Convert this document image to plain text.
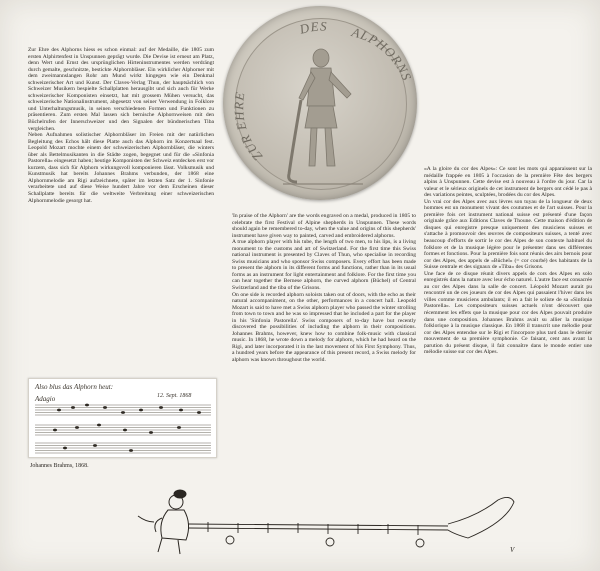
ZUR EHRE
DES ALPHORNS

Zur Ehre des Alphorns hiess es schon einmal: auf der Medaille, die 1805 zum ersten Alphirtenfest in Unspunnen geprägt wurde. Die Devise ist erneut am Platz, denn Wert und Ernst des ursprünglichen Hirteninstrumentes werden verdrängt durch gemalte, geschnitzte, bestickte Alphornbläser. Ein wirklicher Alphorner mit dem zweimannslangen Rohr am Mund wirkt hingegen wie ein Denkmal schweizerischer Art und Kunst. Der Claves-Verlag Thun, der hauptsächlich von Schweizer Musikern bespielte Schallplatten herausgibt und sich auch für Werke schweizerischer Komponisten einsetzt, hat mit grossem Mühen versucht, das schweizerische Nationalinstrument, abgesetzt von seiner Verwendung in Folklore und Unterhaltungsmusik, in seinen verschiedenen Formen und Funktionen zu präsentieren. Zum ersten Mal lassen sich bernische Alphornweisen mit den Büchelrufen der Innerschweizer und den Signalen der bündnerischen Tiba vergleichen.

Neben Aufnahmen solistischer Alphornbläser im Freien mit der natürlichen Begleitung des Echos hält diese Platte auch das Alphorn im Konzertsaal fest. Leopold Mozart mochte einem der schweizerischen Alphornbläser, die winters über als Bettelmusikanten in die Städte zogen, begegnet und für die «Sinfonia Pastorella» eingesetzt haben; heutige Komponisten der Schweiz entdecken erst vor kurzem, dass sich für Alphorn wirkungsvoll komponieren lässt. Volksmusik und Kunstmusik hat bereits Johannes Brahms verbunden, der 1868 eine Alphornmelodie am Rigi aufzeichnete, später im letzten Satz der 1. Sinfonie verarbeitete und auf diese Weise hundert Jahre vor dem Erscheinen dieser Schallplatte bereits für die weltweite Verbreitung einer schweizerischen Alphornmelodie gesorgt hat.

Also blus das Alphorn heut:
Adagio	12. Sept. 1868
Johannes Brahms, 1868.

'In praise of the Alphorn' are the words engraved on a medal, produced in 1805 to celebrate the first Festival of Alpine shepherds in Unspunnen. These words should again be remembered to-day, when the value and origins of this shepherds' instrument have given way to painted, carved and embroidered alphorns.

A true alphorn player with his tube, the length of two men, to his lips, is a living monument to the customs and art of Switzerland. For the first time this Swiss national instrument is presented by Claves of Thun, who specialise in recording Swiss musicians and who sponsor Swiss composers. Every effort has been made to present the alphorn in its different forms and functions, rather than in its usual forms as an instrument for light entertainment and folklore. For the first time you can hear together the Bernese alphorn, the curved alphorn (Büchel) of Central Switzerland and the tiba of the Grisons.

On one side is recorded alphorn soloists taken out of doors, with the echo as their natural accompaniment, on the other, performances in a concert hall. Leopold Mozart is said to have met a Swiss alphorn player who passed the winter strolling from town to town and he was so impressed that he included a part for the player in his 'Sinfonia Pastorella'. Swiss composers of to-day have but recently discovered the possibilities of including the alphorn in their compositions. Johannes Brahms, however, knew how to combine folk-music with classical music. In 1868, he wrote down a melody for alphorn, which he had heard on the Rigi, and later incorporated it in the last movement of his First Symphony. Thus, a hundred years before the appearance of this present record, a Swiss melody for alphorn was known throughout the world.

«A la gloire du cor des Alpes»: Ce sont les mots qui apparaissent sur la médaille frappée en 1805 à l'occasion de la première Fête des bergers alpins à Unspunnen. Cette devise est à nouveau à l'ordre du jour. Car la valeur et le sérieux originels de cet instrument de bergers ont cédé le pas à des variations peintes, sculptées, brodées du cor des Alpes.

Un vrai cor des Alpes avec aux lèvres son tuyau de la longueur de deux hommes est un monument vivant des coutumes et de l'art suisses. Pour la première fois cet instrument national suisse est présenté d'une façon originale grâce aux Editions Claves de Thoune. Cette maison d'édition de disques qui enregistre presque uniquement des musiciens suisses et s'attache à promouvoir des œuvres de compositeurs suisses, a tenté avec beaucoup d'efforts de sortir le cor des Alpes de son contexte habituel du folklore et de la musique légère pour le présenter dans ses différentes formes et fonctions. Pour la première fois sont réunis des airs bernois pour cor des Alpes, des appels de «Büchel» (= cor courbé) des habitants de la Suisse centrale et des signaux de «Tiba» des Grisons.

Une face de ce disque réunit divers appels de cors des Alpes en solo enregistrés dans la nature avec leur écho naturel. L'autre face est consacrée au cor des Alpes dans la salle de concert. Léopold Mozart aurait pu rencontré un de ces joueurs de cor des Alpes qui passaient l'hiver dans les villes comme musiciens ambulants; il en a fait le soliste de sa «Sinfonia Pastorella». Les compositeurs suisses actuels n'ont découvert que récemment les effets que la musique pour cor des Alpes pouvait produire dans une composition. Johannes Brahms avait su allier la musique folklorique à la musique classique. En 1868 il transcrit une mélodie pour cor des Alpes entendue sur le Rigi et l'incorpore plus tard dans le dernier mouvement de sa première symphonie. Ce faisant, cent ans avant la parution du présent disque, il fait connaître dans le monde entier une mélodie suisse sur cor des Alpes.

V
